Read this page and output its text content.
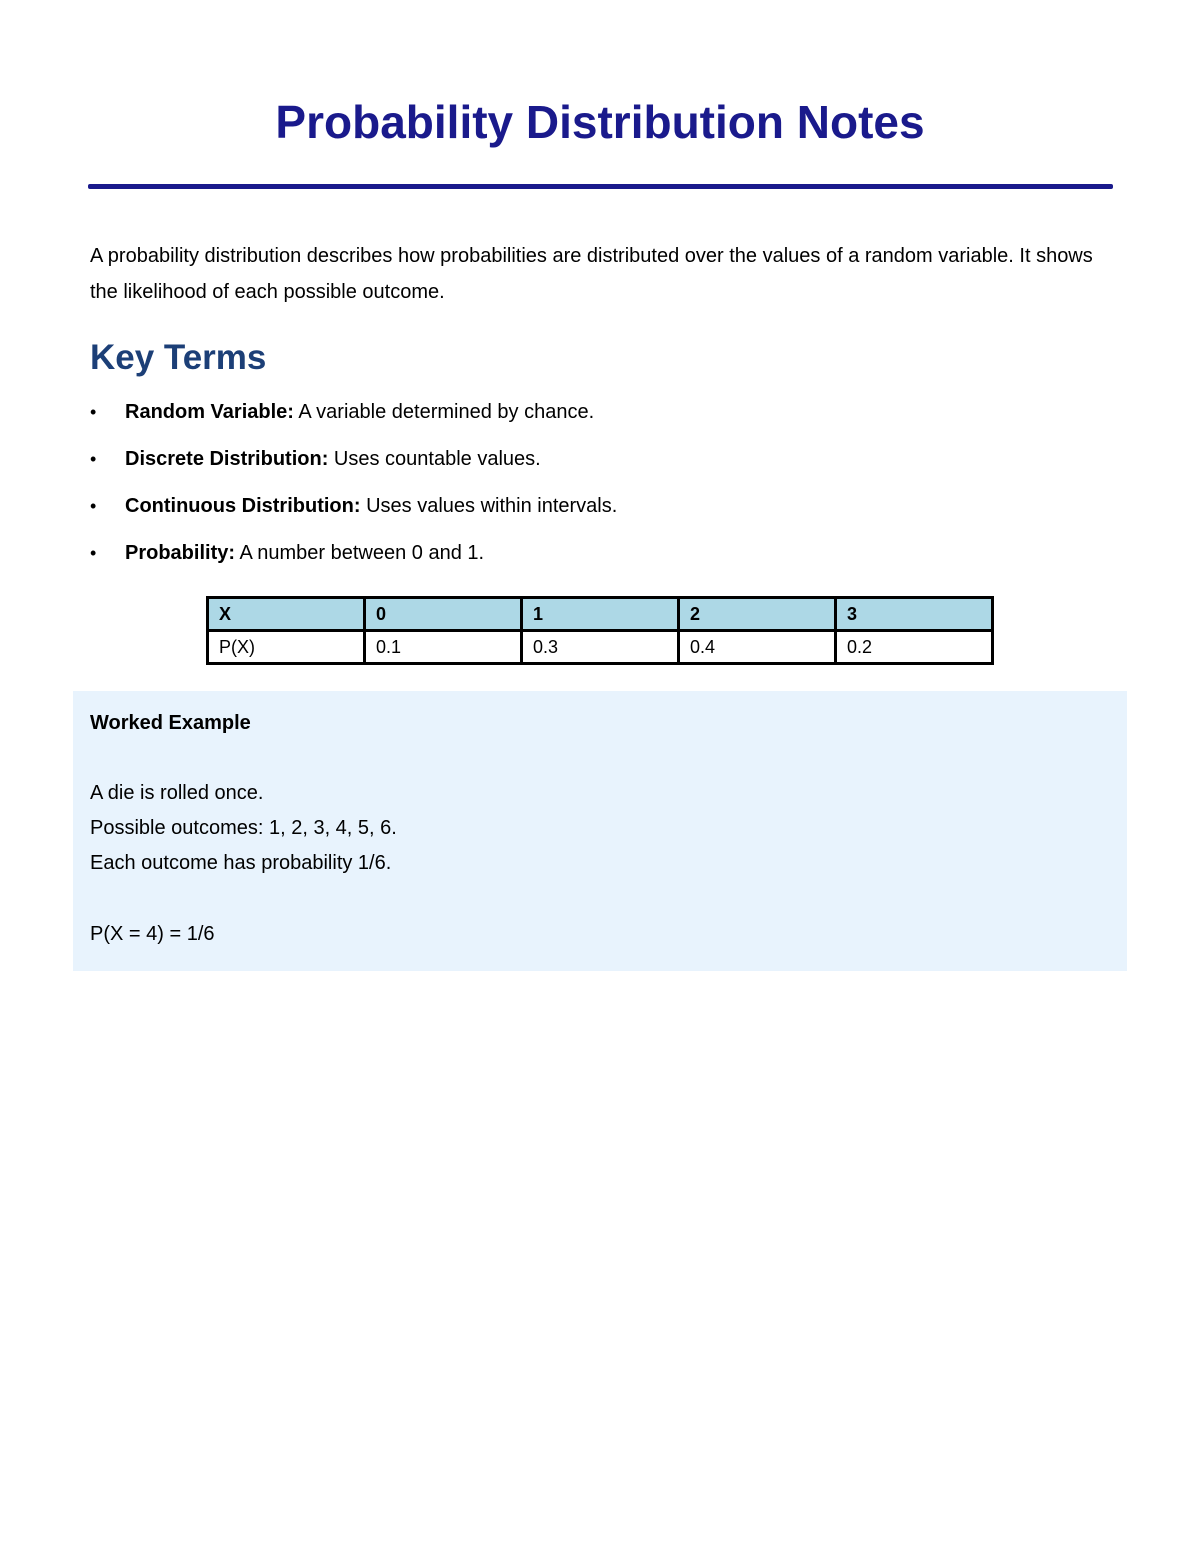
Probability Distribution Notes

A probability distribution describes how probabilities are distributed over the values of a random variable. It shows the likelihood of each possible outcome.

Key Terms
• Random Variable: A variable determined by chance.
• Discrete Distribution: Uses countable values.
• Continuous Distribution: Uses values within intervals.
• Probability: A number between 0 and 1.
X	0	1	2	3
P(X)	0.1	0.3	0.4	0.2
Worked Example
A die is rolled once.
Possible outcomes: 1, 2, 3, 4, 5, 6.
Each outcome has probability 1/6.
P(X = 4) = 1/6
